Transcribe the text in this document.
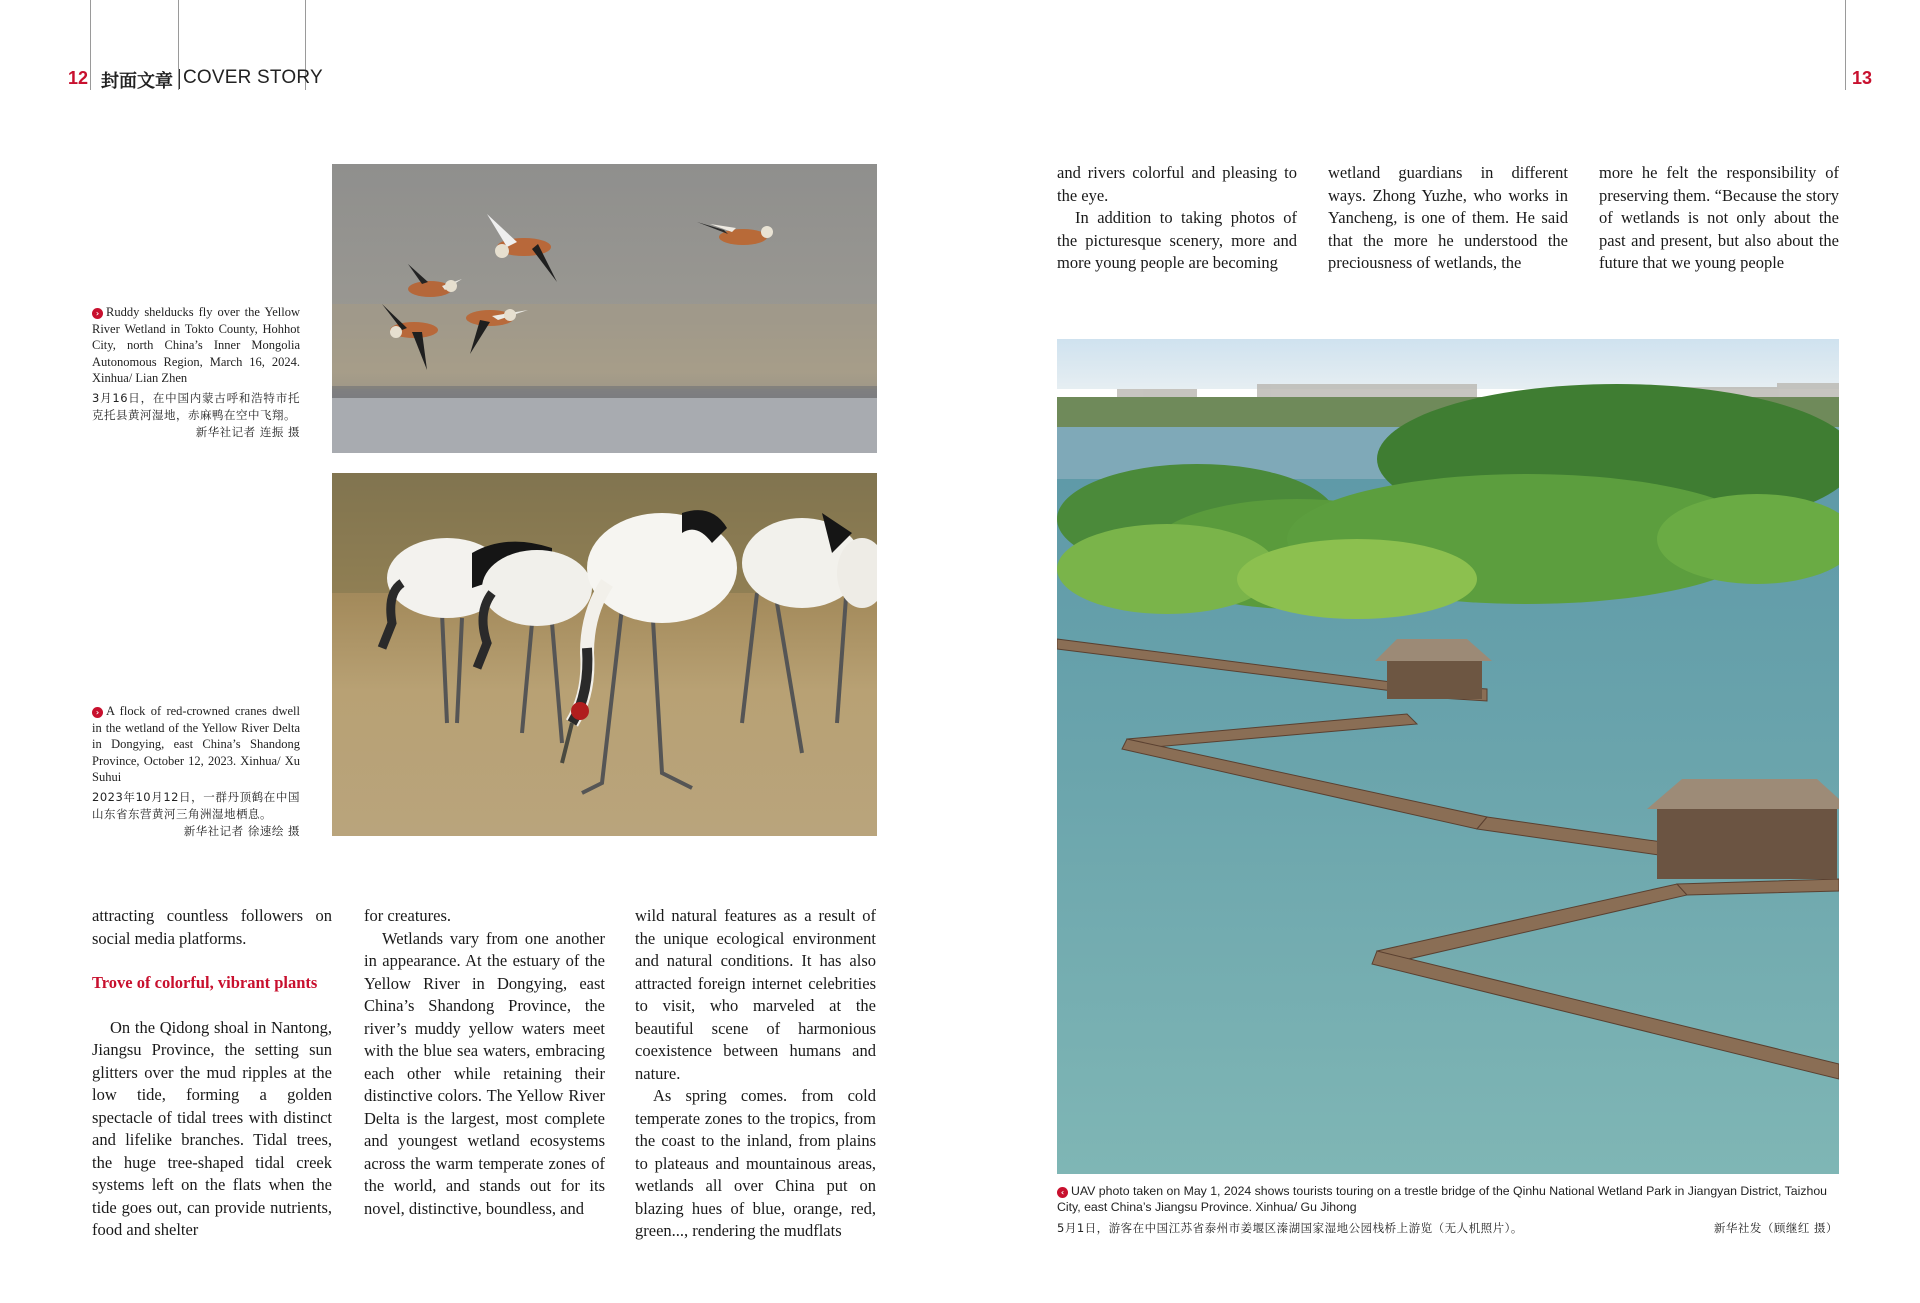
12 封面文章 COVER STORY	13
› Ruddy shelducks fly over the Yellow River Wetland in Tokto County, Hohhot City, north China’s Inner Mongolia Autonomous Region, March 16, 2024. Xinhua/ Lian Zhen
3月16日，在中国内蒙古呼和浩特市托克托县黄河湿地，赤麻鸭在空中飞翔。
新华社记者 连振 摄
› A flock of red-crowned cranes dwell in the wetland of the Yellow River Delta in Dongying, east China’s Shandong Province, October 12, 2023. Xinhua/ Xu Suhui
2023年10月12日，一群丹顶鹤在中国山东省东营黄河三角洲湿地栖息。
新华社记者 徐速绘 摄

attracting countless followers on social media platforms.

Trove of colorful, vibrant plants

On the Qidong shoal in Nantong, Jiangsu Province, the setting sun glitters over the mud ripples at the low tide, forming a golden spectacle of tidal trees with distinct and lifelike branches. Tidal trees, the huge tree-shaped tidal creek systems left on the flats when the tide goes out, can provide nutrients, food and shelter

for creatures.

Wetlands vary from one another in appearance. At the estuary of the Yellow River in Dongying, east China’s Shandong Province, the river’s muddy yellow waters meet with the blue sea waters, embracing each other while retaining their distinctive colors. The Yellow River Delta is the largest, most complete and youngest wetland ecosystems across the warm temperate zones of the world, and stands out for its novel, distinctive, boundless, and

wild natural features as a result of the unique ecological environment and natural conditions. It has also attracted foreign internet celebrities to visit, who marveled at the beautiful scene of harmonious coexistence between humans and nature.

As spring comes. from cold temperate zones to the tropics, from the coast to the inland, from plains to plateaus and mountainous areas, wetlands all over China put on blazing hues of blue, orange, red, green..., rendering the mudflats

and rivers colorful and pleasing to the eye.

In addition to taking photos of the picturesque scenery, more and more young people are becoming

wetland guardians in different ways. Zhong Yuzhe, who works in Yancheng, is one of them. He said that the more he understood the preciousness of wetlands, the

more he felt the responsibility of preserving them. “Because the story of wetlands is not only about the past and present, but also about the future that we young people

‹ UAV photo taken on May 1, 2024 shows tourists touring on a trestle bridge of the Qinhu National Wetland Park in Jiangyan District, Taizhou City, east China’s Jiangsu Province. Xinhua/ Gu Jihong
5月1日，游客在中国江苏省泰州市姜堰区溱湖国家湿地公园栈桥上游览（无人机照片）。	新华社发（顾继红 摄）
